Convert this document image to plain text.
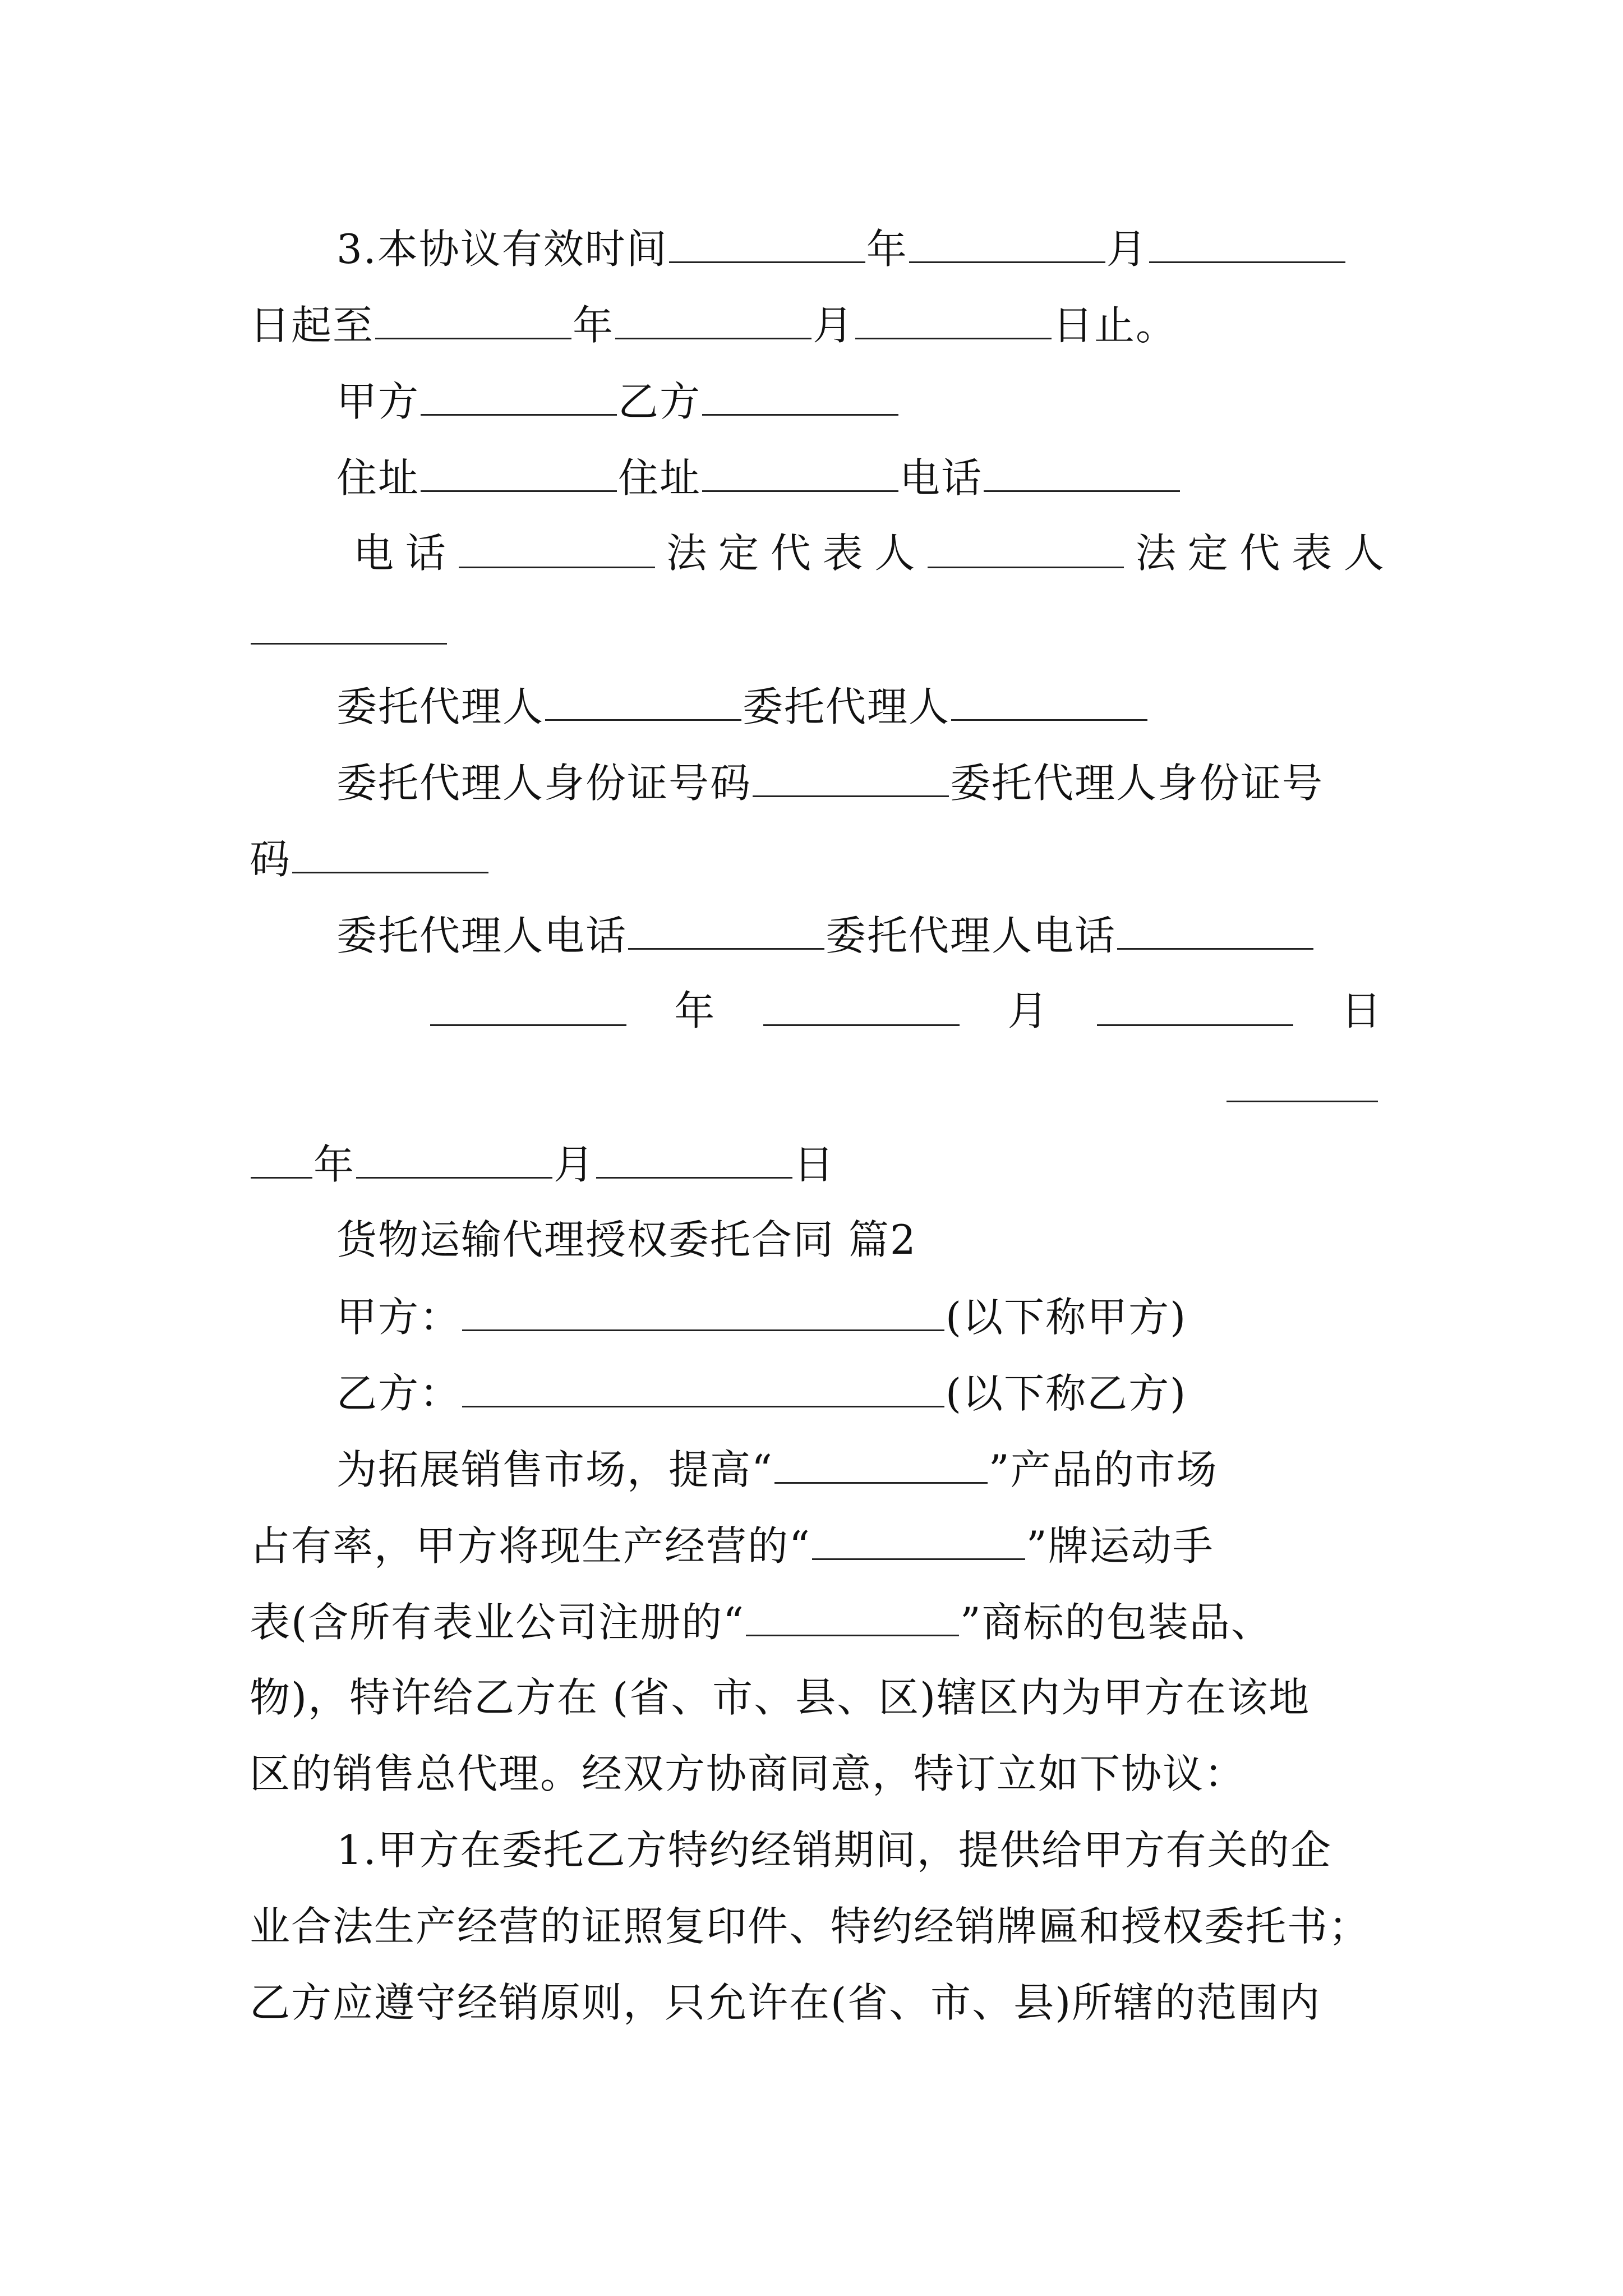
3.本协议有效时间	年	月
日起至	年	月	日止。
甲方	乙方
住址	住址	电话
电 话	法 定 代 表 人	法 定 代 表 人
委托代理人	委托代理人
委托代理人身份证号码	委托代理人身份证号
码
委托代理人电话	委托代理人电话
年	月	日
年	月	日
货物运输代理授权委托合同 篇2
甲方：	(以下称甲方)
乙方：	(以下称乙方)
为拓展销售市场，提高“	”产品的市场
占有率，甲方将现生产经营的“	”牌运动手
表(含所有表业公司注册的“	”商标的包装品、
物)，特许给乙方在 (省、市、县、区)辖区内为甲方在该地
区的销售总代理。经双方协商同意，特订立如下协议：
1.甲方在委托乙方特约经销期间，提供给甲方有关的企
业合法生产经营的证照复印件、特约经销牌匾和授权委托书；
乙方应遵守经销原则，只允许在(省、市、县)所辖的范围内
